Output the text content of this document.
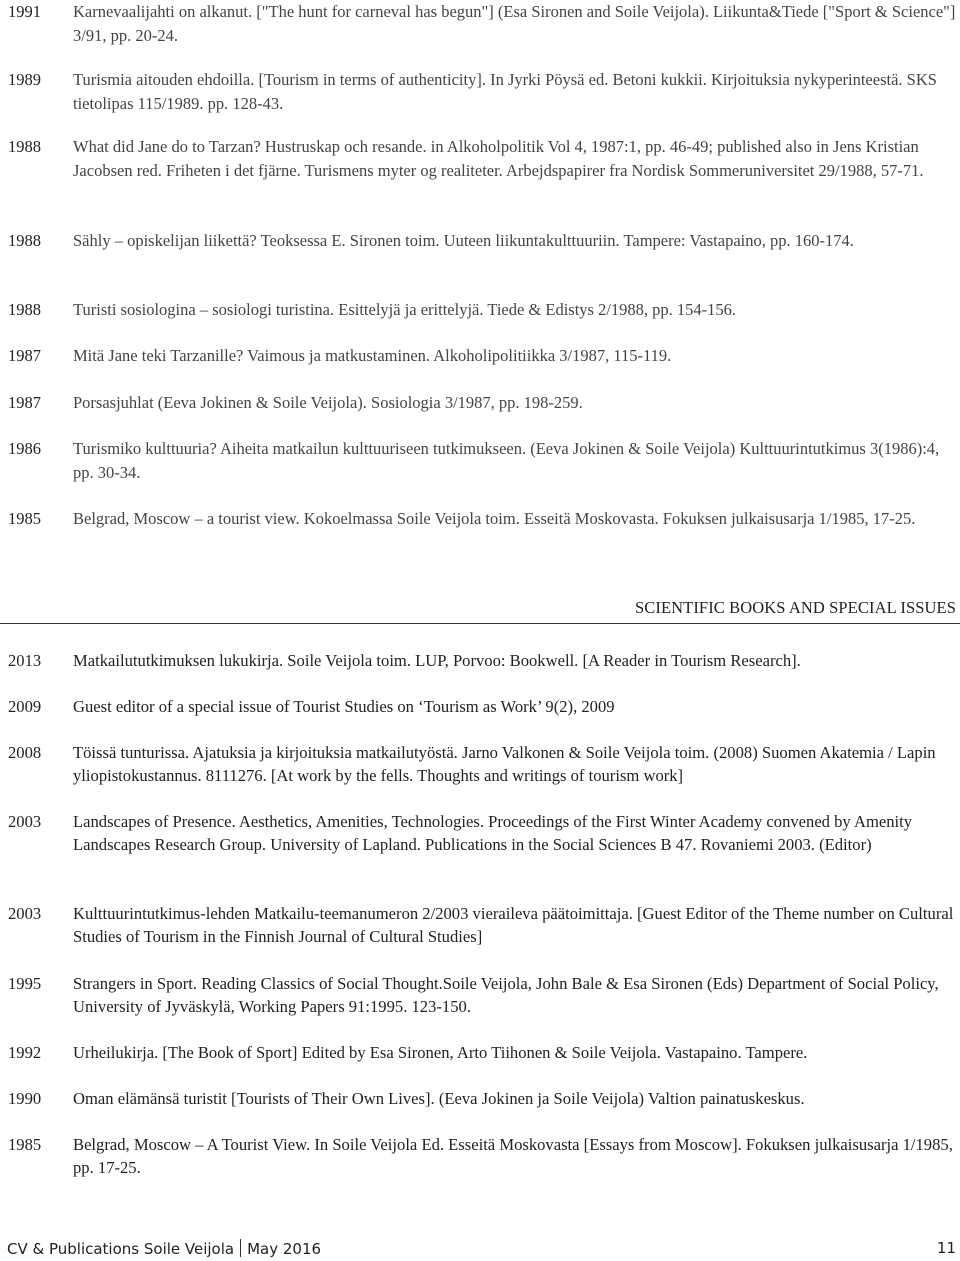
1991 Karnevaalijahti on alkanut. ["The hunt for carneval has begun"] (Esa Sironen and Soile Veijola). Liikunta&Tiede ["Sport & Science"] 3/91, pp. 20-24.
1989 Turismia aitouden ehdoilla. [Tourism in terms of authenticity]. In Jyrki Pöysä ed. Betoni kukkii. Kirjoituksia nykyperinteestä. SKS tietolipas 115/1989. pp. 128-43.
1988 What did Jane do to Tarzan? Hustruskap och resande. in Alkoholpolitik Vol 4, 1987:1, pp. 46-49; published also in Jens Kristian Jacobsen red. Friheten i det fjärne. Turismens myter og realiteter. Arbejdspapirer fra Nordisk Sommeruniversitet 29/1988, 57-71.
1988 Sähly – opiskelijan liikettä? Teoksessa E. Sironen toim. Uuteen liikuntakulttuuriin. Tampere: Vastapaino, pp. 160-174.
1988 Turisti sosiologina – sosiologi turistina. Esittelyjä ja erittelyjä. Tiede & Edistys 2/1988, pp. 154-156.
1987 Mitä Jane teki Tarzanille? Vaimous ja matkustaminen. Alkoholipolitiikka 3/1987, 115-119.
1987 Porsasjuhlat (Eeva Jokinen & Soile Veijola). Sosiologia 3/1987, pp. 198-259.
1986 Turismiko kulttuuria? Aiheita matkailun kulttuuriseen tutkimukseen. (Eeva Jokinen & Soile Veijola) Kulttuurintutkimus 3(1986):4, pp. 30-34.
1985 Belgrad, Moscow – a tourist view. Kokoelmassa Soile Veijola toim. Esseitä Moskovasta. Fokuksen julkaisusarja 1/1985, 17-25.
SCIENTIFIC BOOKS AND SPECIAL ISSUES
2013 Matkailututkimuksen lukukirja. Soile Veijola toim. LUP, Porvoo: Bookwell. [A Reader in Tourism Research].
2009 Guest editor of a special issue of Tourist Studies on ‘Tourism as Work’ 9(2), 2009
2008 Töissä tunturissa. Ajatuksia ja kirjoituksia matkailutyöstä. Jarno Valkonen & Soile Veijola toim. (2008) Suomen Akatemia / Lapin yliopistokustannus. 8111276. [At work by the fells. Thoughts and writings of tourism work]
2003 Landscapes of Presence. Aesthetics, Amenities, Technologies. Proceedings of the First Winter Academy convened by Amenity Landscapes Research Group. University of Lapland. Publications in the Social Sciences B 47. Rovaniemi 2003. (Editor)
2003 Kulttuurintutkimus-lehden Matkailu-teemanumeron 2/2003 vieraileva päätoimittaja. [Guest Editor of the Theme number on Cultural Studies of Tourism in the Finnish Journal of Cultural Studies]
1995 Strangers in Sport. Reading Classics of Social Thought.Soile Veijola, John Bale & Esa Sironen (Eds) Department of Social Policy, University of Jyväskylä, Working Papers 91:1995. 123-150.
1992 Urheilukirja. [The Book of Sport] Edited by Esa Sironen, Arto Tiihonen & Soile Veijola. Vastapaino. Tampere.
1990 Oman elämänsä turistit [Tourists of Their Own Lives]. (Eeva Jokinen ja Soile Veijola) Valtion painatuskeskus.
1985 Belgrad, Moscow – A Tourist View. In Soile Veijola Ed. Esseitä Moskovasta [Essays from Moscow]. Fokuksen julkaisusarja 1/1985, pp. 17-25.
CV & Publications Soile Veijola May 2016	11
